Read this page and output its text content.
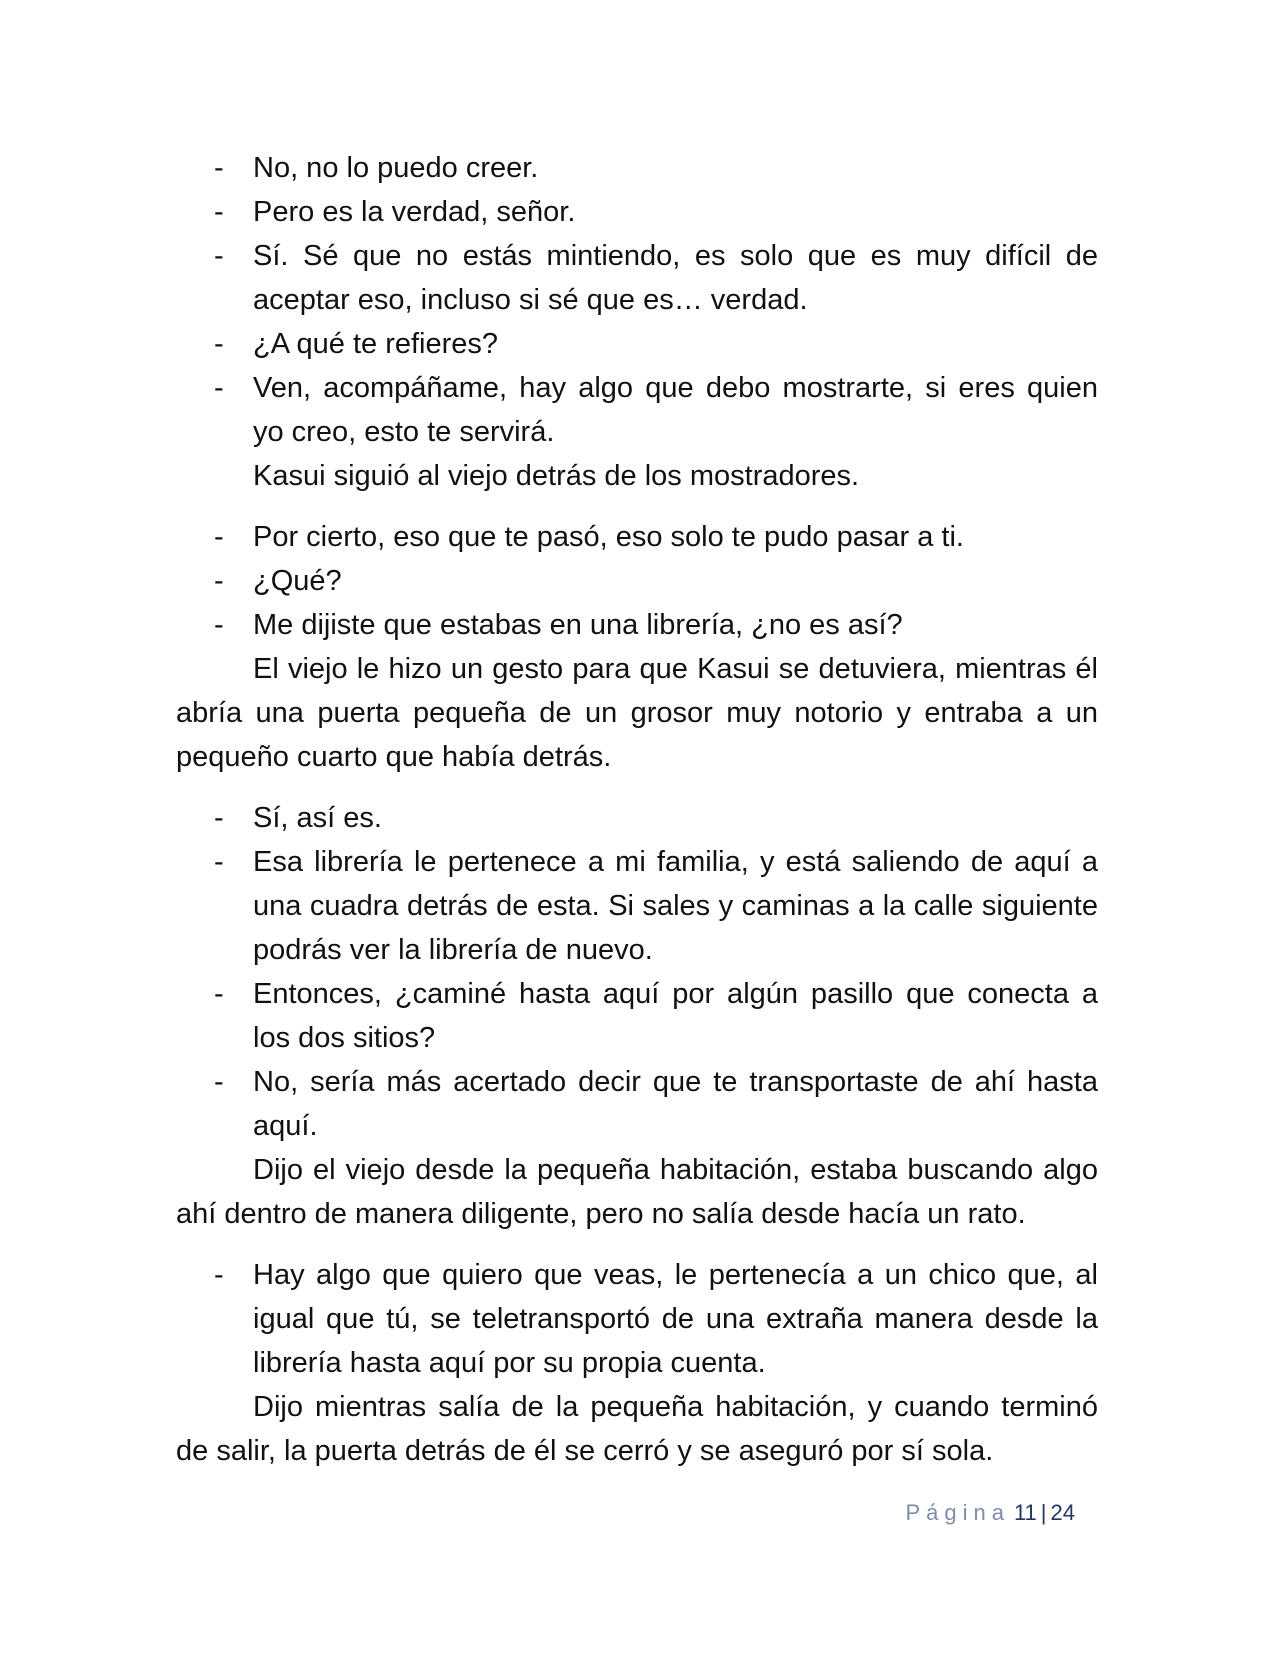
- No, no lo puedo creer.
- Pero es la verdad, señor.
- Sí. Sé que no estás mintiendo, es solo que es muy difícil de aceptar eso, incluso si sé que es… verdad.
- ¿A qué te refieres?
- Ven, acompáñame, hay algo que debo mostrarte, si eres quien yo creo, esto te servirá.
Kasui siguió al viejo detrás de los mostradores.
- Por cierto, eso que te pasó, eso solo te pudo pasar a ti.
- ¿Qué?
- Me dijiste que estabas en una librería, ¿no es así?
El viejo le hizo un gesto para que Kasui se detuviera, mientras él abría una puerta pequeña de un grosor muy notorio y entraba a un pequeño cuarto que había detrás.
- Sí, así es.
- Esa librería le pertenece a mi familia, y está saliendo de aquí a una cuadra detrás de esta. Si sales y caminas a la calle siguiente podrás ver la librería de nuevo.
- Entonces, ¿caminé hasta aquí por algún pasillo que conecta a los dos sitios?
- No, sería más acertado decir que te transportaste de ahí hasta aquí.
Dijo el viejo desde la pequeña habitación, estaba buscando algo ahí dentro de manera diligente, pero no salía desde hacía un rato.
- Hay algo que quiero que veas, le pertenecía a un chico que, al igual que tú, se teletransportó de una extraña manera desde la librería hasta aquí por su propia cuenta.
Dijo mientras salía de la pequeña habitación, y cuando terminó de salir, la puerta detrás de él se cerró y se aseguró por sí sola.
Página 11 | 24
